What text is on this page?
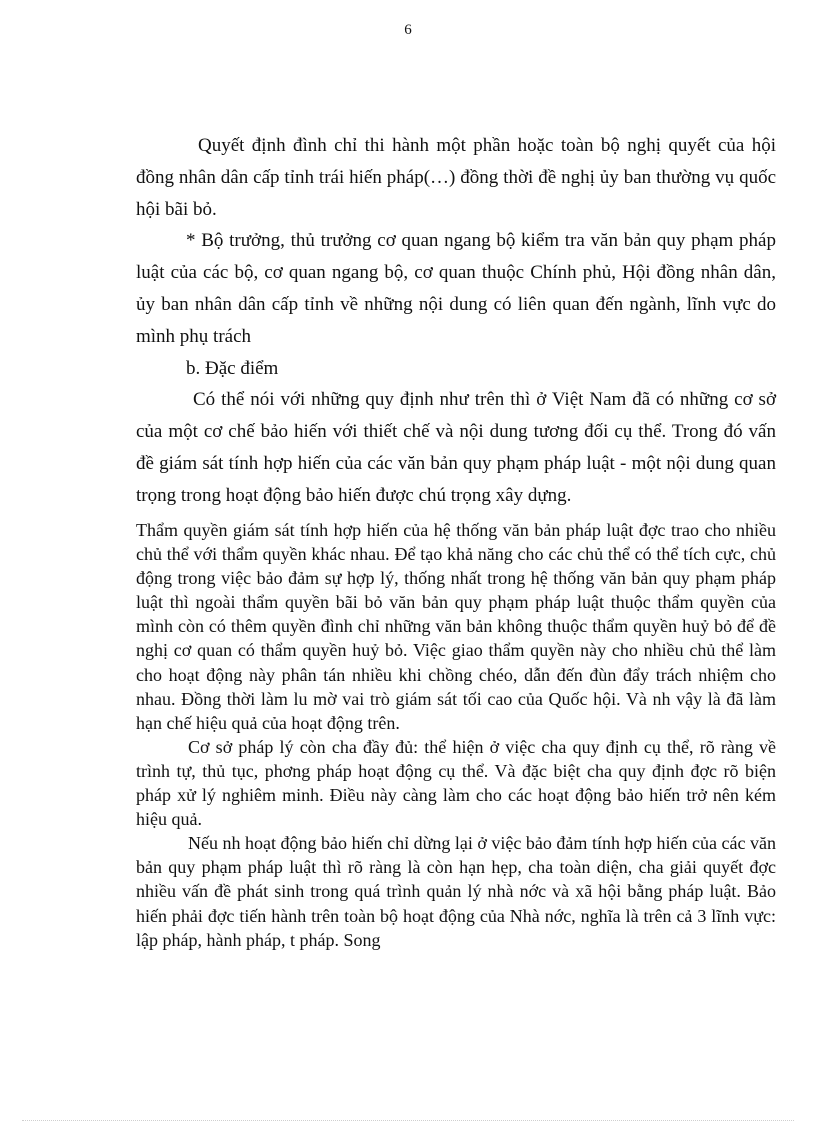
6

Quyết định đình chỉ thi hành một phần hoặc toàn bộ nghị quyết của hội đồng nhân dân cấp tỉnh trái hiến pháp(…) đồng thời đề nghị ủy ban thường vụ quốc hội bãi bỏ.

* Bộ trưởng, thủ trưởng cơ quan ngang bộ kiểm tra văn bản quy phạm pháp luật của các bộ, cơ quan ngang bộ, cơ quan thuộc Chính phủ, Hội đồng nhân dân, ủy ban nhân dân cấp tỉnh về những nội dung có liên quan đến ngành, lĩnh vực do mình phụ trách

b. Đặc điểm

Có thể nói với những quy định như trên thì ở Việt Nam đã có những cơ sở của một cơ chế bảo hiến với thiết chế và nội dung tương đối cụ thể. Trong đó vấn đề giám sát tính hợp hiến của các văn bản quy phạm pháp luật - một nội dung quan trọng trong hoạt động bảo hiến được chú trọng xây dựng.

Thẩm quyền giám sát tính hợp hiến của hệ thống văn bản pháp luật đợc trao cho nhiều chủ thể với thẩm quyền khác nhau. Để tạo khả năng cho các chủ thể có thể tích cực, chủ động trong việc bảo đảm sự hợp lý, thống nhất trong hệ thống văn bản quy phạm pháp luật thì ngoài thẩm quyền bãi bỏ văn bản quy phạm pháp luật thuộc thẩm quyền của mình còn có thêm quyền đình chỉ những văn bản không thuộc thẩm quyền huỷ bỏ để đề nghị cơ quan có thẩm quyền huỷ bỏ. Việc giao thẩm quyền này cho nhiều chủ thể làm cho hoạt động này phân tán nhiều khi chồng chéo, dẫn đến đùn đẩy trách nhiệm cho nhau. Đồng thời làm lu mờ vai trò giám sát tối cao của Quốc hội. Và nh vậy là đã làm hạn chế hiệu quả của hoạt động trên.

Cơ sở pháp lý còn cha đầy đủ: thể hiện ở việc cha quy định cụ thể, rõ ràng về trình tự, thủ tục, phơng pháp hoạt động cụ thể. Và đặc biệt cha quy định đợc rõ biện pháp xử lý nghiêm minh. Điều này càng làm cho các hoạt động bảo hiến trở nên kém hiệu quả.

Nếu nh hoạt động bảo hiến chỉ dừng lại ở việc bảo đảm tính hợp hiến của các văn bản quy phạm pháp luật thì rõ ràng là còn hạn hẹp, cha toàn diện, cha giải quyết đợc nhiều vấn đề phát sinh trong quá trình quản lý nhà nớc và xã hội bằng pháp luật. Bảo hiến phải đợc tiến hành trên toàn bộ hoạt động của Nhà nớc, nghĩa là trên cả 3 lĩnh vực: lập pháp, hành pháp, t pháp. Song
